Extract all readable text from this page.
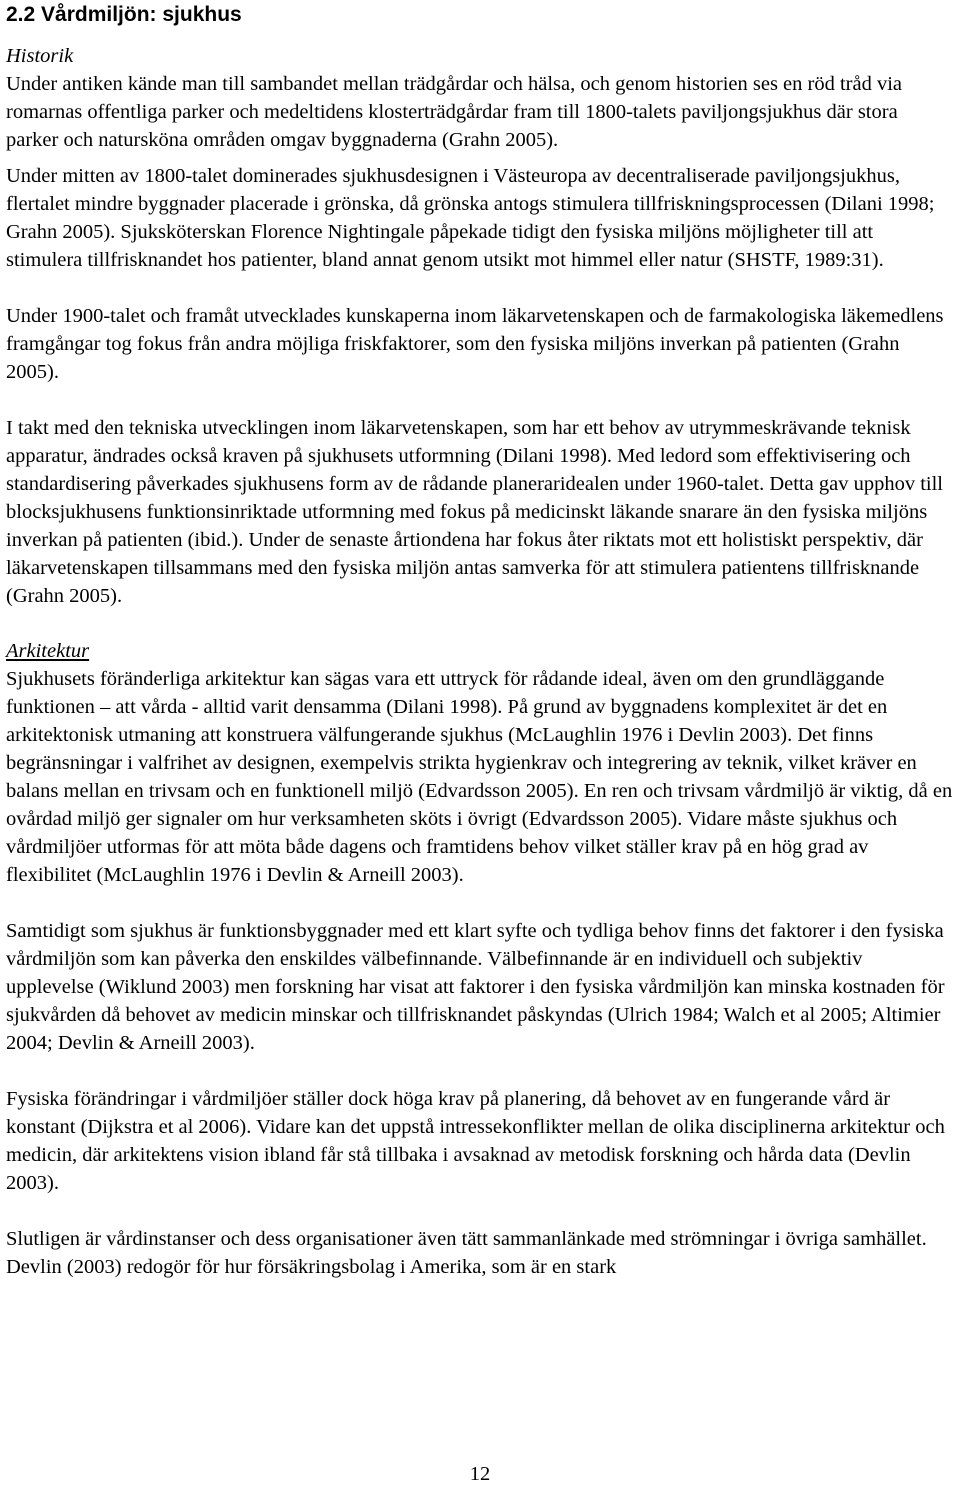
2.2 Vårdmiljön: sjukhus
Historik

Under antiken kände man till sambandet mellan trädgårdar och hälsa, och genom historien ses en röd tråd via romarnas offentliga parker och medeltidens klosterträdgårdar fram till 1800-talets paviljongsjukhus där stora parker och natursköna områden omgav byggnaderna (Grahn 2005).

Under mitten av 1800-talet dominerades sjukhusdesignen i Västeuropa av decentraliserade paviljongsjukhus, flertalet mindre byggnader placerade i grönska, då grönska antogs stimulera tillfriskningsprocessen (Dilani 1998; Grahn 2005). Sjuksköterskan Florence Nightingale påpekade tidigt den fysiska miljöns möjligheter till att stimulera tillfrisknandet hos patienter, bland annat genom utsikt mot himmel eller natur (SHSTF, 1989:31).

Under 1900-talet och framåt utvecklades kunskaperna inom läkarvetenskapen och de farmakologiska läkemedlens framgångar tog fokus från andra möjliga friskfaktorer, som den fysiska miljöns inverkan på patienten (Grahn 2005).

I takt med den tekniska utvecklingen inom läkarvetenskapen, som har ett behov av utrymmeskrävande teknisk apparatur, ändrades också kraven på sjukhusets utformning (Dilani 1998). Med ledord som effektivisering och standardisering påverkades sjukhusens form av de rådande planeraridealen under 1960-talet. Detta gav upphov till blocksjukhusens funktionsinriktade utformning med fokus på medicinskt läkande snarare än den fysiska miljöns inverkan på patienten (ibid.). Under de senaste årtiondena har fokus åter riktats mot ett holistiskt perspektiv, där läkarvetenskapen tillsammans med den fysiska miljön antas samverka för att stimulera patientens tillfrisknande (Grahn 2005).

Arkitektur

Sjukhusets föränderliga arkitektur kan sägas vara ett uttryck för rådande ideal, även om den grundläggande funktionen – att vårda - alltid varit densamma (Dilani 1998). På grund av byggnadens komplexitet är det en arkitektonisk utmaning att konstruera välfungerande sjukhus (McLaughlin 1976 i Devlin 2003). Det finns begränsningar i valfrihet av designen, exempelvis strikta hygienkrav och integrering av teknik, vilket kräver en balans mellan en trivsam och en funktionell miljö (Edvardsson 2005). En ren och trivsam vårdmiljö är viktig, då en ovårdad miljö ger signaler om hur verksamheten sköts i övrigt (Edvardsson 2005). Vidare måste sjukhus och vårdmiljöer utformas för att möta både dagens och framtidens behov vilket ställer krav på en hög grad av flexibilitet (McLaughlin 1976 i Devlin & Arneill 2003).

Samtidigt som sjukhus är funktionsbyggnader med ett klart syfte och tydliga behov finns det faktorer i den fysiska vårdmiljön som kan påverka den enskildes välbefinnande. Välbefinnande är en individuell och subjektiv upplevelse (Wiklund 2003) men forskning har visat att faktorer i den fysiska vårdmiljön kan minska kostnaden för sjukvården då behovet av medicin minskar och tillfrisknandet påskyndas (Ulrich 1984; Walch et al 2005; Altimier 2004; Devlin & Arneill 2003).

Fysiska förändringar i vårdmiljöer ställer dock höga krav på planering, då behovet av en fungerande vård är konstant (Dijkstra et al 2006). Vidare kan det uppstå intressekonflikter mellan de olika disciplinerna arkitektur och medicin, där arkitektens vision ibland får stå tillbaka i avsaknad av metodisk forskning och hårda data (Devlin 2003).

Slutligen är vårdinstanser och dess organisationer även tätt sammanlänkade med strömningar i övriga samhället. Devlin (2003) redogör för hur försäkringsbolag i Amerika, som är en stark

12
